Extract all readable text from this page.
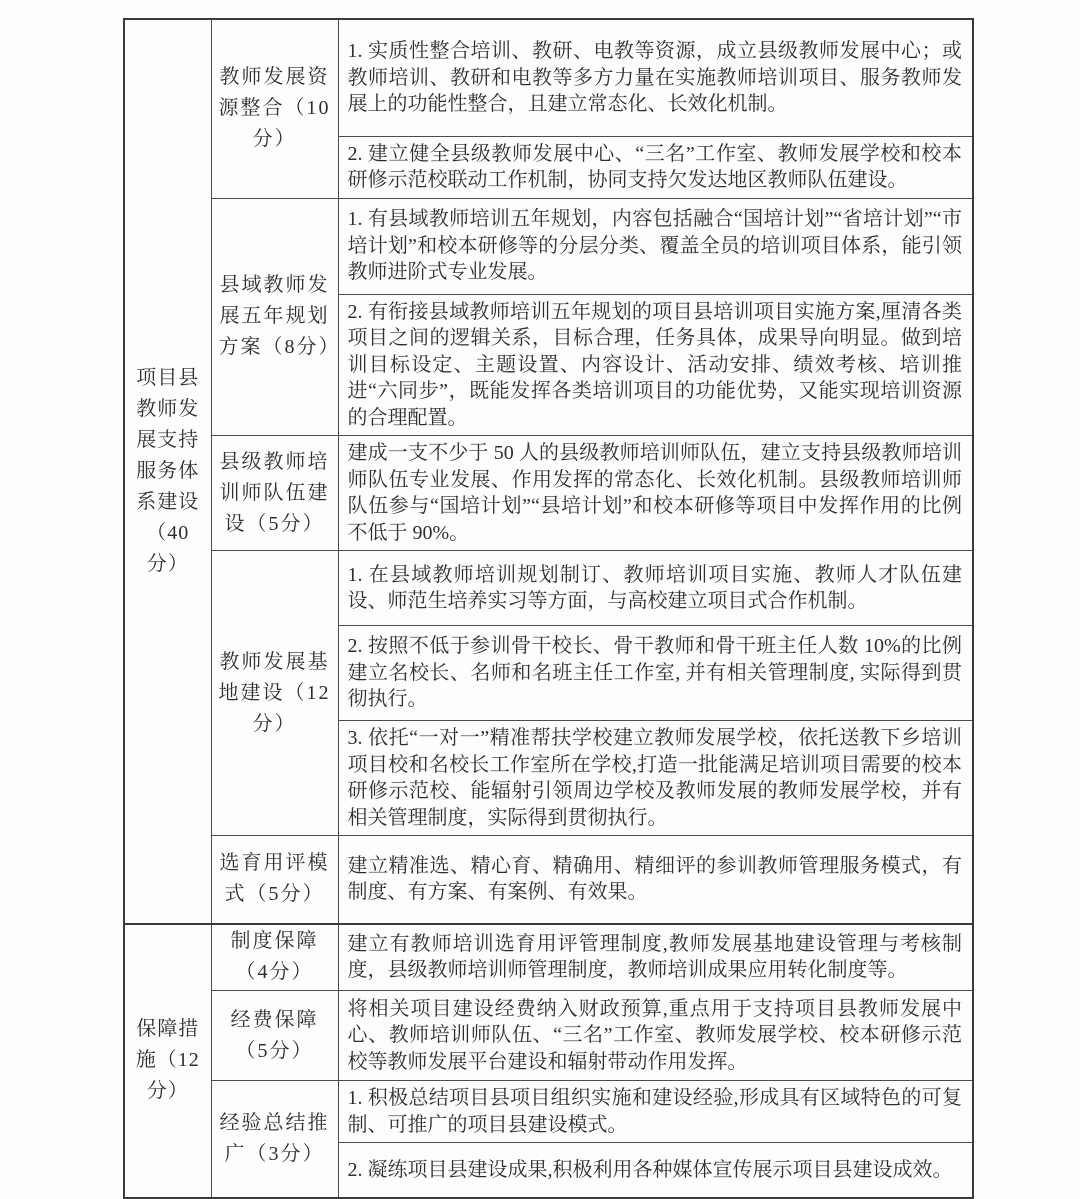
项目县教师发展支持服务体系建设（40分）	教师发展资源整合（10分）	1. 实质性整合培训、教研、电教等资源，成立县级教师发展中心；或教师培训、教研和电教等多方力量在实施教师培训项目、服务教师发展上的功能性整合，且建立常态化、长效化机制。
		2. 建立健全县级教师发展中心、“三名”工作室、教师发展学校和校本研修示范校联动工作机制，协同支持欠发达地区教师队伍建设。
	县域教师发展五年规划方案（8分）	1. 有县域教师培训五年规划，内容包括融合“国培计划”“省培计划”“市培计划”和校本研修等的分层分类、覆盖全员的培训项目体系，能引领教师进阶式专业发展。
		2. 有衔接县域教师培训五年规划的项目县培训项目实施方案,厘清各类项目之间的逻辑关系，目标合理，任务具体，成果导向明显。做到培训目标设定、主题设置、内容设计、活动安排、绩效考核、培训推进“六同步”，既能发挥各类培训项目的功能优势，又能实现培训资源的合理配置。
	县级教师培训师队伍建设（5分）	建成一支不少于 50 人的县级教师培训师队伍，建立支持县级教师培训师队伍专业发展、作用发挥的常态化、长效化机制。县级教师培训师队伍参与“国培计划”“县培计划”和校本研修等项目中发挥作用的比例不低于 90%。
	教师发展基地建设（12分）	1. 在县域教师培训规划制订、教师培训项目实施、教师人才队伍建设、师范生培养实习等方面，与高校建立项目式合作机制。
		2. 按照不低于参训骨干校长、骨干教师和骨干班主任人数 10%的比例建立名校长、名师和名班主任工作室, 并有相关管理制度, 实际得到贯彻执行。
		3. 依托“一对一”精准帮扶学校建立教师发展学校，依托送教下乡培训项目校和名校长工作室所在学校,打造一批能满足培训项目需要的校本研修示范校、能辐射引领周边学校及教师发展的教师发展学校，并有相关管理制度，实际得到贯彻执行。
	选育用评模式（5分）	建立精准选、精心育、精确用、精细评的参训教师管理服务模式，有制度、有方案、有案例、有效果。
保障措施（12分）	制度保障（4分）	建立有教师培训选育用评管理制度,教师发展基地建设管理与考核制度，县级教师培训师管理制度，教师培训成果应用转化制度等。
	经费保障（5分）	将相关项目建设经费纳入财政预算,重点用于支持项目县教师发展中心、教师培训师队伍、“三名”工作室、教师发展学校、校本研修示范校等教师发展平台建设和辐射带动作用发挥。
	经验总结推广（3分）	1. 积极总结项目县项目组织实施和建设经验,形成具有区域特色的可复制、可推广的项目县建设模式。
		2. 凝练项目县建设成果,积极利用各种媒体宣传展示项目县建设成效。
